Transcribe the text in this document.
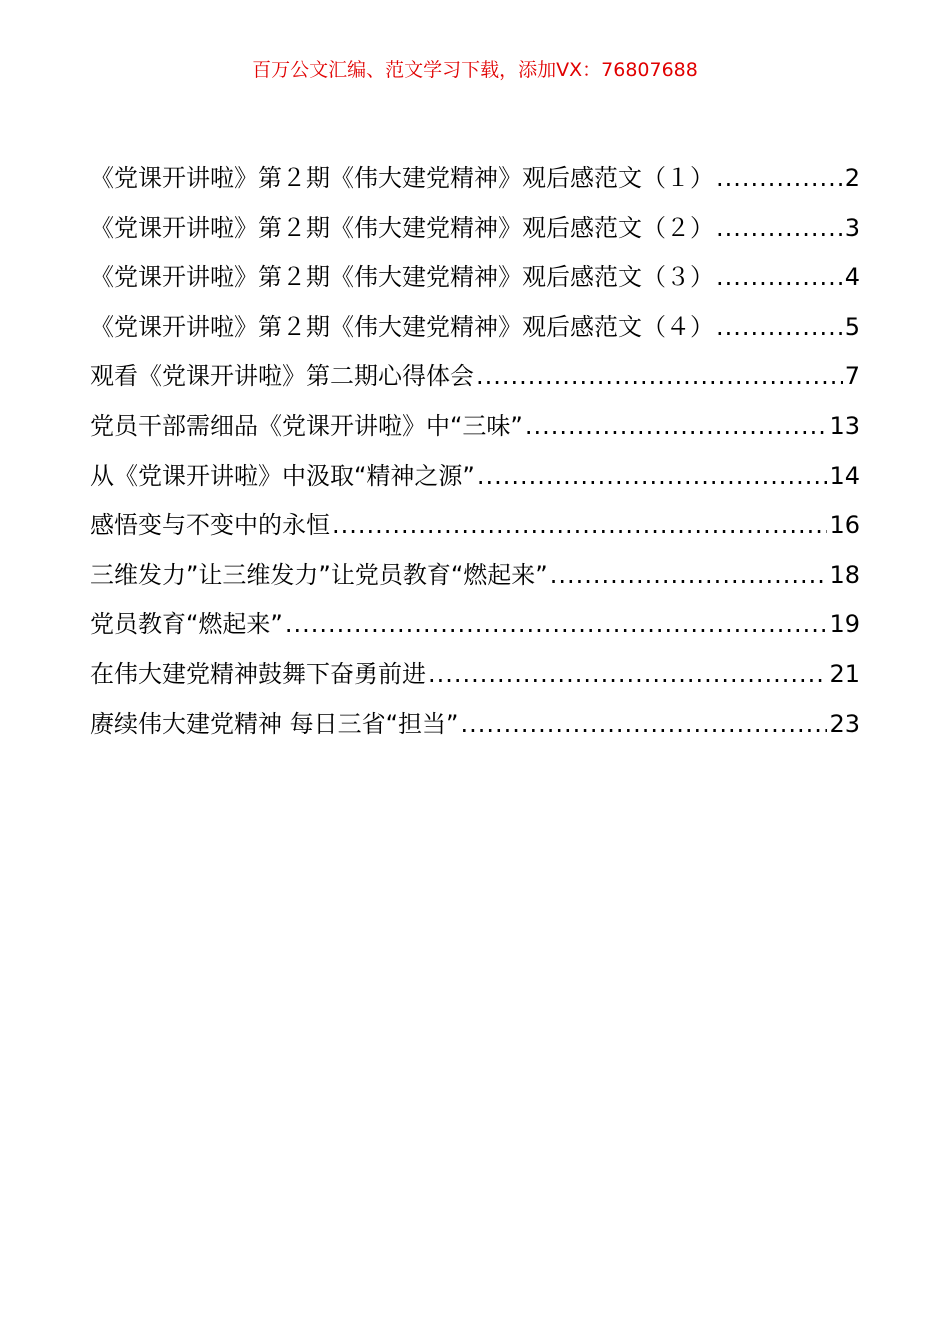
百万公文汇编、范文学习下载，添加VX：76807688
《党课开讲啦》第２期《伟大建党精神》观后感范文（１） .....	2
《党课开讲啦》第２期《伟大建党精神》观后感范文（２） .....	3
《党课开讲啦》第２期《伟大建党精神》观后感范文（３） .....	4
《党课开讲啦》第２期《伟大建党精神》观后感范文（４） .....	5
观看《党课开讲啦》第二期心得体会 .....	7
党员干部需细品《党课开讲啦》中“三味” .....	13
从《党课开讲啦》中汲取“精神之源” .....	14
感悟变与不变中的永恒 .....	16
三维发力”让三维发力”让党员教育“燃起来” .....	18
党员教育“燃起来” .....	19
在伟大建党精神鼓舞下奋勇前进 .....	21
赓续伟大建党精神 每日三省“担当” .....	23
